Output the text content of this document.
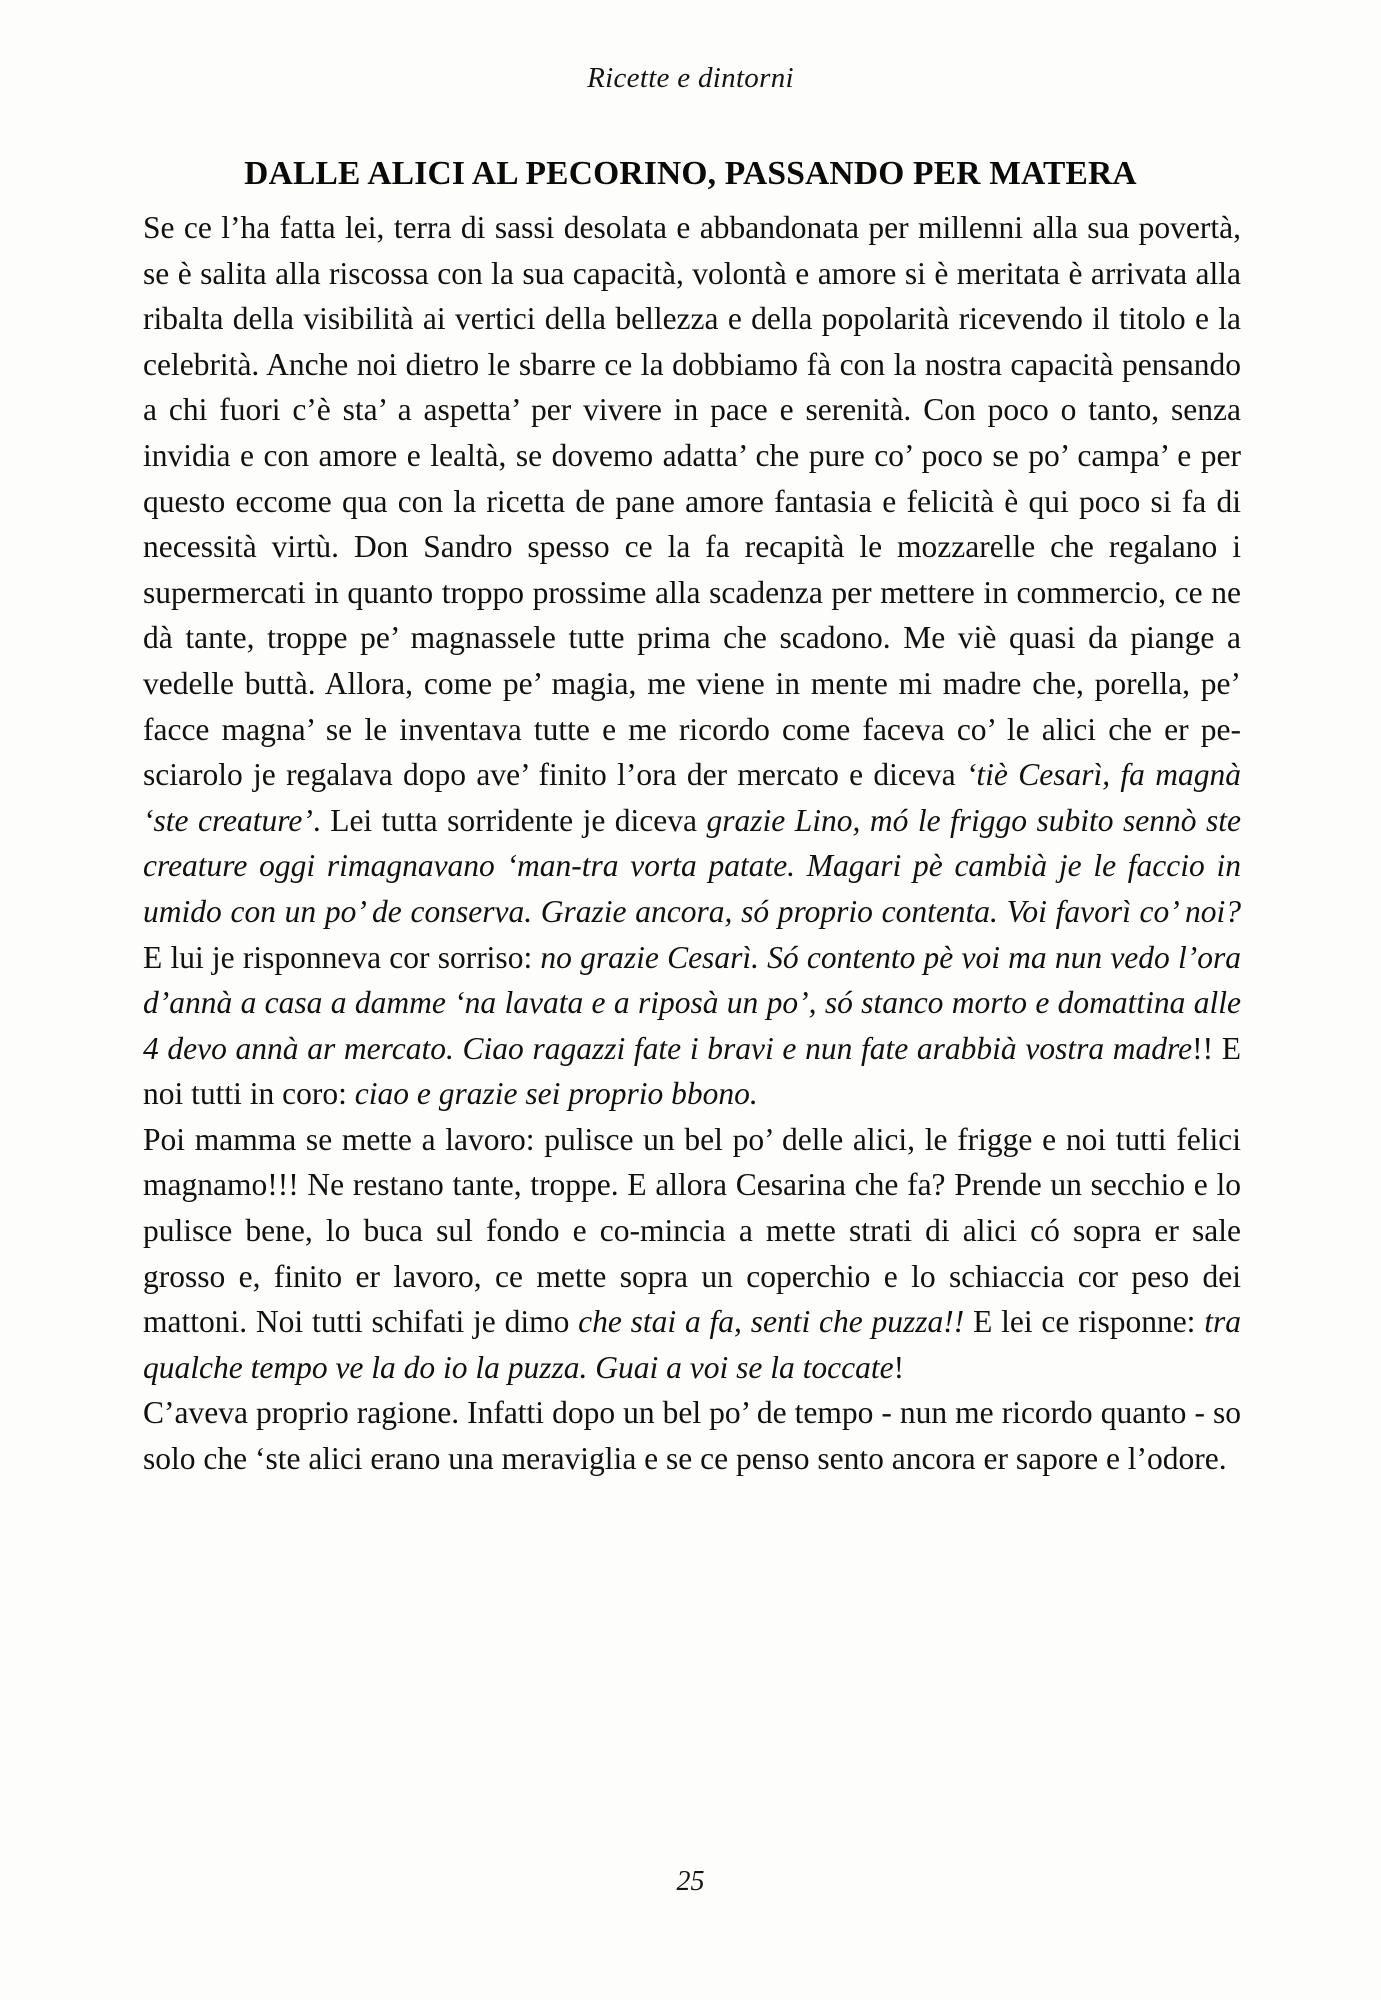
Ricette e dintorni
DALLE ALICI AL PECORINO, PASSANDO PER MATERA

Se ce l’ha fatta lei, terra di sassi desolata e abbandonata per millenni alla sua povertà, se è salita alla riscossa con la sua capacità, volontà e amore si è meritata è arrivata alla ribalta della visibilità ai vertici della bellezza e della popolarità ricevendo il titolo e la celebrità. Anche noi dietro le sbarre ce la dobbiamo fà con la nostra capacità pensando a chi fuori c’è sta’ a aspetta’ per vivere in pace e serenità. Con poco o tanto, senza invidia e con amore e lealtà, se dovemo adatta’ che pure co’ poco se po’ campa’ e per questo eccome qua con la ricetta de pane amore fantasia e felicità è qui poco si fa di necessità virtù. Don Sandro spesso ce la fa recapità le mozzarelle che regalano i supermercati in quanto troppo prossime alla scadenza per mettere in commercio, ce ne dà tante, troppe pe’ magnassele tutte prima che scadono. Me viè quasi da piange a vedelle buttà. Allora, come pe’ magia, me viene in mente mi madre che, porella, pe’ facce magna’ se le inventava tutte e me ricordo come faceva co’ le alici che er pe-sciarolo je regalava dopo ave’ finito l’ora der mercato e diceva ‘tiè Cesarì, fa magnà ‘ste creature’. Lei tutta sorridente je diceva grazie Lino, mó le friggo subito sennò ste creature oggi rimagnavano ‘man-tra vorta patate. Magari pè cambià je le faccio in umido con un po’ de conserva. Grazie ancora, só proprio contenta. Voi favorì co’ noi? E lui je risponneva cor sorriso: no grazie Cesarì. Só contento pè voi ma nun vedo l’ora d’annà a casa a damme ‘na lavata e a riposà un po’, só stanco morto e domattina alle 4 devo annà ar mercato. Ciao ragazzi fate i bravi e nun fate arabbià vostra madre!! E noi tutti in coro: ciao e grazie sei proprio bbono.

Poi mamma se mette a lavoro: pulisce un bel po’ delle alici, le frigge e noi tutti felici magnamo!!! Ne restano tante, troppe. E allora Cesarina che fa? Prende un secchio e lo pulisce bene, lo buca sul fondo e co-mincia a mette strati di alici có sopra er sale grosso e, finito er lavoro, ce mette sopra un coperchio e lo schiaccia cor peso dei mattoni. Noi tutti schifati je dimo che stai a fa, senti che puzza!! E lei ce risponne: tra qualche tempo ve la do io la puzza. Guai a voi se la toccate!

C’aveva proprio ragione. Infatti dopo un bel po’ de tempo - nun me ricordo quanto - so solo che ‘ste alici erano una meraviglia e se ce penso sento ancora er sapore e l’odore.

25
